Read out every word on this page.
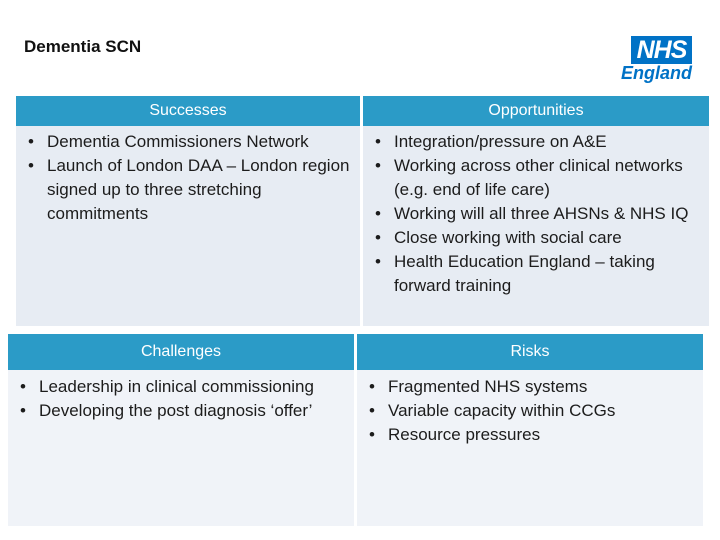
Dementia SCN	NHS
England
Successes
• Dementia Commissioners Network
• Launch of London DAA – London region signed up to three stretching commitments
Opportunities
• Integration/pressure on A&E
• Working across other clinical networks (e.g. end of life care)
• Working will all three AHSNs & NHS IQ
• Close working with social care
• Health Education England – taking forward training
Challenges
• Leadership in clinical commissioning
• Developing the post diagnosis ‘offer’
Risks
• Fragmented NHS systems
• Variable capacity within CCGs
• Resource pressures
